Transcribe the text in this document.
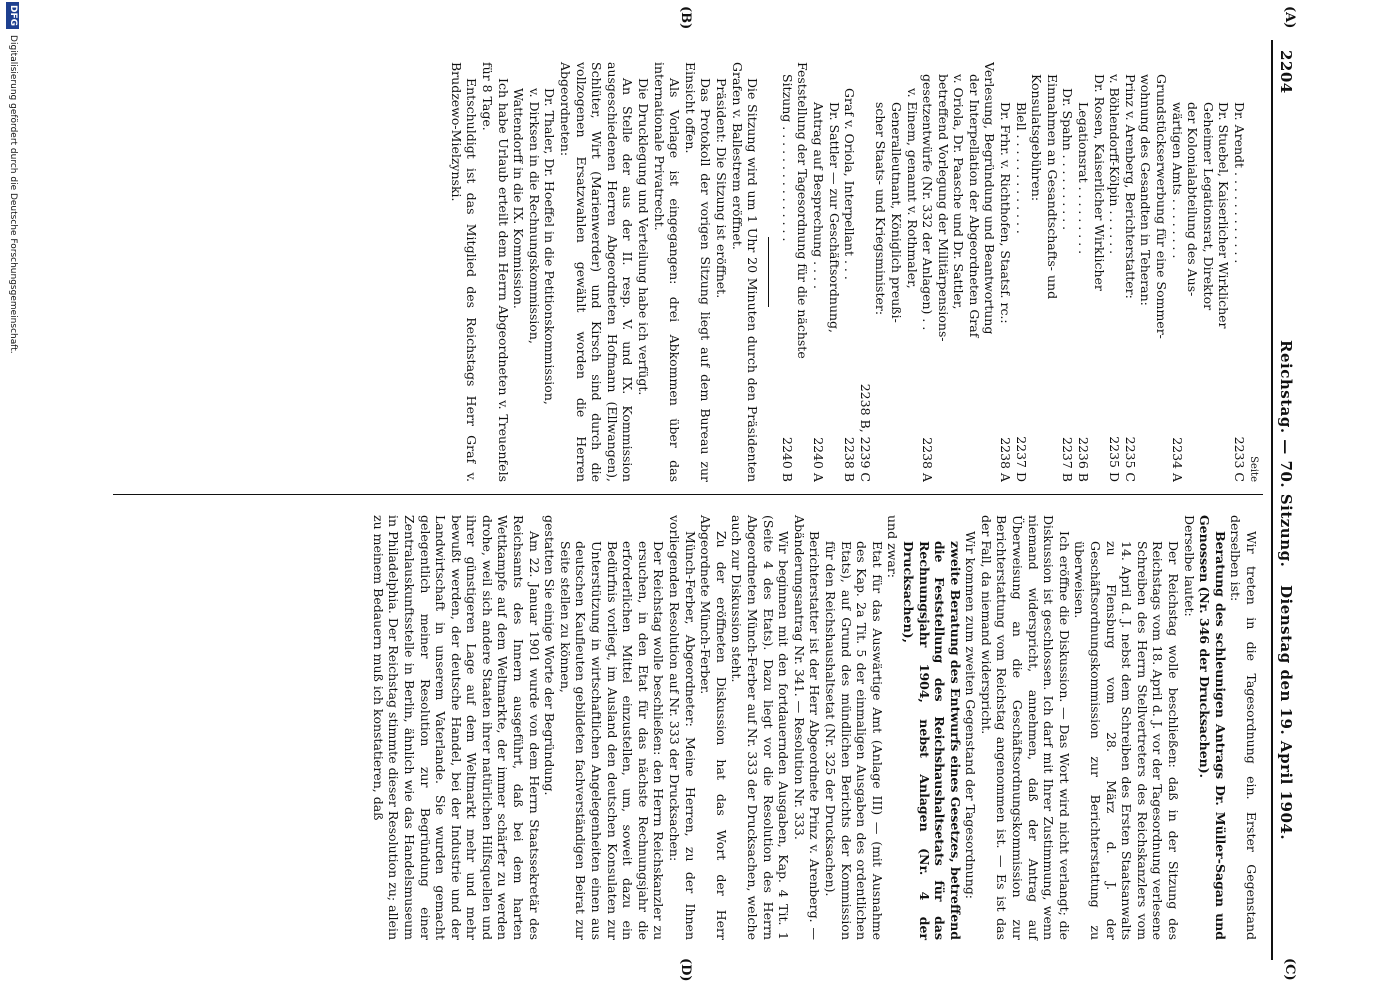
2204
Reichstag. — 70. Sitzung.
Dienstag den 19. April 1904.
(A)
(B)
(C)
(D)
Seite
Dr. Arendt . . . . . . . . . . . .
2233 C
Dr. Stuebel, Kaiserlicher Wirklicher
Geheimer Legationsrat, Direktor
der Kolonialabteilung des Aus-
wärtigen Amts . . . . . . . .
2234 A
Grundstückserwerbung für eine Sommer-
wohnung des Gesandten in Teheran:
Prinz v. Arenberg, Berichterstatter:
2235 C
v. Böhlendorff-Kölpin . . . . . .
2235 D
Dr. Rosen, Kaiserlicher Wirklicher
Legationsrat . . . . . . . . .
2236 B
Dr. Spahn . . . . . . . . . .
2237 B
Einnahmen an Gesandtschafts- und
Konsulatsgebühren:
Blell . . . . . . . . . . . . .
2237 D
Dr. Frhr. v. Richthofen, Staatsf. rc.:
2238 A
Verlesung, Begründung und Beantwortung
der Interpellation der Abgeordneten Graf
v. Oriola, Dr. Paasche und Dr. Sattler,
betreffend Vorlegung der Militärpensions-
gesetzentwürfe (Nr. 332 der Anlagen) . .
2238 A
v. Einem, genannt v. Rothmaler,
Generalleutnant, Königlich preußi-
scher Staats- und Kriegsminister:
2238 B, 2239 C
Graf v. Oriola, Interpellant . . .
2238 B
Dr. Sattler — zur Geschäftsordnung,
Antrag auf Besprechung . . . .
2240 A
Feststellung der Tagesordnung für die nächste
Sitzung . . . . . . . . . . . . . . .
2240 B

Die Sitzung wird um 1 Uhr 20 Minuten durch den Präsidenten Grafen v. Ballestrem eröffnet.

Präsident: Die Sitzung ist eröffnet.

Das Protokoll der vorigen Sitzung liegt auf dem Bureau zur Einsicht offen.

Als Vorlage ist eingegangen: drei Abkommen über das internationale Privatrecht.

Die Drucklegung und Verteilung habe ich verfügt.

An Stelle der aus der II. resp. V. und IX. Kommission ausgeschiedenen Herren Abgeordneten Hofmann (Ellwangen), Schlüter, Wirt (Marienwerder) und Kirsch sind durch die vollzogenen Ersatzwahlen gewählt worden die Herren Abgeordneten:

Dr. Thaler, Dr. Hoeffel in die Petitionskommission,

v. Dirksen in die Rechnungskommission,

Wattendorff in die IX. Kommission.

Ich habe Urlaub erteilt dem Herrn Abgeordneten v. Treuenfels für 8 Tage.

Entschuldigt ist das Mitglied des Reichstags Herr Graf v. Brudzewo-Mielzynski.

Wir treten in die Tagesordnung ein. Erster Gegenstand derselben ist:

Beratung des schleunigen Antrags Dr. Müller-Sagan und Genossen (Nr. 346 der Drucksachen).

Derselbe lautet:

Der Reichstag wolle beschließen: daß in der Sitzung des Reichstags vom 18. April d. J. vor der Tagesordnung verlesene Schreiben des Herrn Stellvertreters des Reichskanzlers vom 14. April d. J. nebst dem Schreiben des Ersten Staatsanwalts zu Flensburg vom 28. März d. J. der Geschäftsordnungskommission zur Berichterstattung zu überweisen.

Ich eröffne die Diskussion. — Das Wort wird nicht verlangt; die Diskussion ist geschlossen. Ich darf mit Ihrer Zustimmung, wenn niemand widerspricht, annehmen, daß der Antrag auf Überweisung an die Geschäftsordnungskommission zur Berichterstattung vom Reichstag angenommen ist. — Es ist das der Fall, da niemand widerspricht.

Wir kommen zum zweiten Gegenstand der Tagesordnung:

zweite Beratung des Entwurfs eines Gesetzes, betreffend die Feststellung des Reichshaushaltsetats für das Rechnungsjahr 1904, nebst Anlagen (Nr. 4 der Drucksachen),

und zwar:

Etat für das Auswärtige Amt (Anlage III) — (mit Ausnahme des Kap. 2a Tit. 5 der einmaligen Ausgaben des ordentlichen Etats), auf Grund des mündlichen Berichts der Kommission für den Reichshaushaltsetat (Nr. 325 der Drucksachen).

Berichterstatter ist der Herr Abgeordnete Prinz v. Arenberg. — Abänderungsantrag Nr. 341. — Resolution Nr. 333.

Wir beginnen mit den fortdauernden Ausgaben, Kap. 4 Tit. 1 (Seite 4 des Etats). Dazu liegt vor die Resolution des Herrn Abgeordneten Münch-Ferber auf Nr. 333 der Drucksachen, welche auch zur Diskussion steht.

Zu der eröffneten Diskussion hat das Wort der Herr Abgeordnete Münch-Ferber.

Münch-Ferber, Abgeordneter: Meine Herren, zu der Ihnen vorliegenden Resolution auf Nr. 333 der Drucksachen:

Der Reichstag wolle beschließen: den Herrn Reichskanzler zu ersuchen, in den Etat für das nächste Rechnungsjahr die erforderlichen Mittel einzustellen, um, soweit dazu ein Bedürfnis vorliegt, im Ausland den deutschen Konsulaten zur Unterstützung in wirtschaftlichen Angelegenheiten einen aus deutschen Kaufleuten gebildeten fachverständigen Beirat zur Seite stellen zu können,

gestatten Sie einige Worte der Begründung.

Am 22. Januar 1901 wurde von dem Herrn Staatssekretär des Reichsamts des Innern ausgeführt, daß bei dem harten Wettkampfe auf dem Weltmarkte, der immer schärfer zu werden drohe, weil sich andere Staaten ihrer natürlichen Hilfsquellen und ihrer günstigeren Lage auf dem Weltmarkt mehr und mehr bewußt werden, der deutsche Handel, bei der Industrie und der Landwirtschaft in unserem Vaterlande. Sie wurden gemacht gelegentlich meiner Resolution zur Begründung einer Zentralauskunftsstelle in Berlin, ähnlich wie das Handelsmuseum in Philadelphia. Der Reichstag stimmte dieser Resolution zu; allein zu meinem Bedauern muß ich konstatieren, daß

DFGDigitalisierung gefördert durch die Deutsche Forschungsgemeinschaft.
